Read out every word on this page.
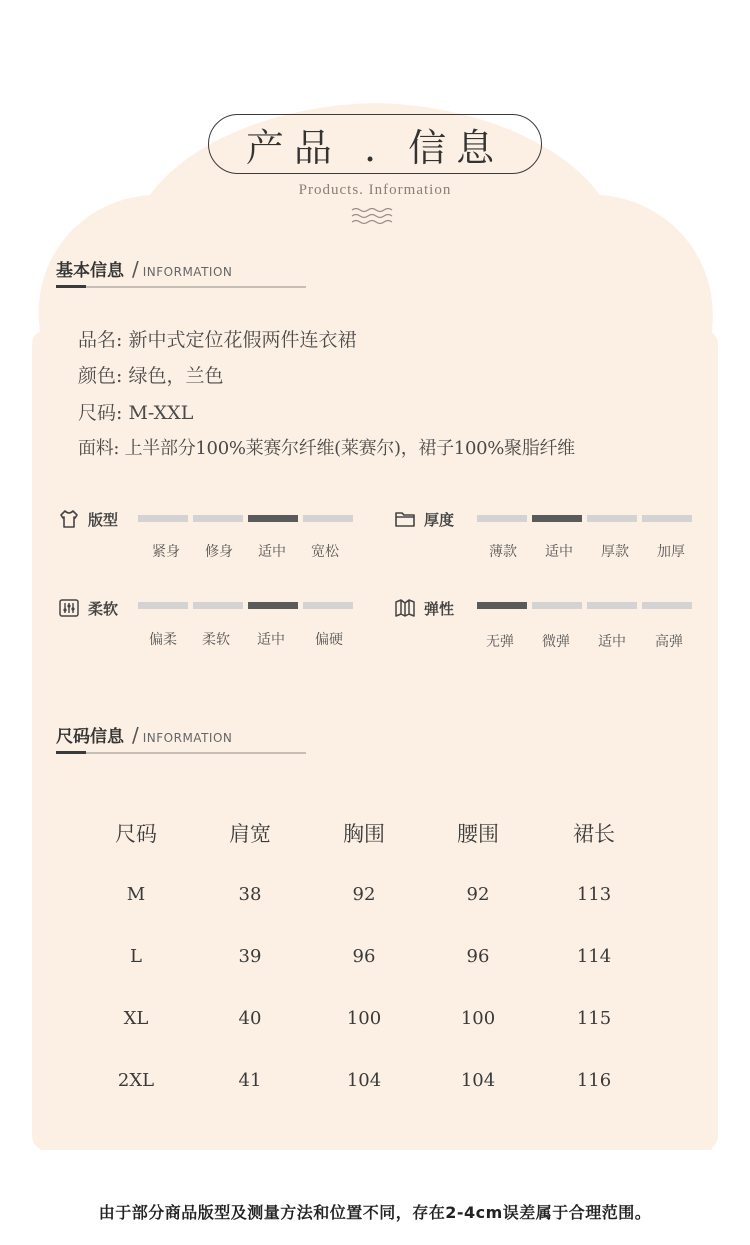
产品 . 信息
Products. Information
基本信息 / INFORMATION
品名: 新中式定位花假两件连衣裙
颜色: 绿色，兰色
尺码: M-XXL
面料: 上半部分100%莱赛尔纤维(莱赛尔)，裙子100%聚脂纤维
版型
紧身	修身	适中	宽松
厚度
薄款	适中	厚款	加厚
柔软
偏柔	柔软	适中	偏硬
弹性
无弹	微弹	适中	高弹
尺码信息 / INFORMATION
尺码	肩宽	胸围	腰围	裙长
M	38	92	92	113
L	39	96	96	114
XL	40	100	100	115
2XL	41	104	104	116
由于部分商品版型及测量方法和位置不同，存在2-4cm误差属于合理范围。
